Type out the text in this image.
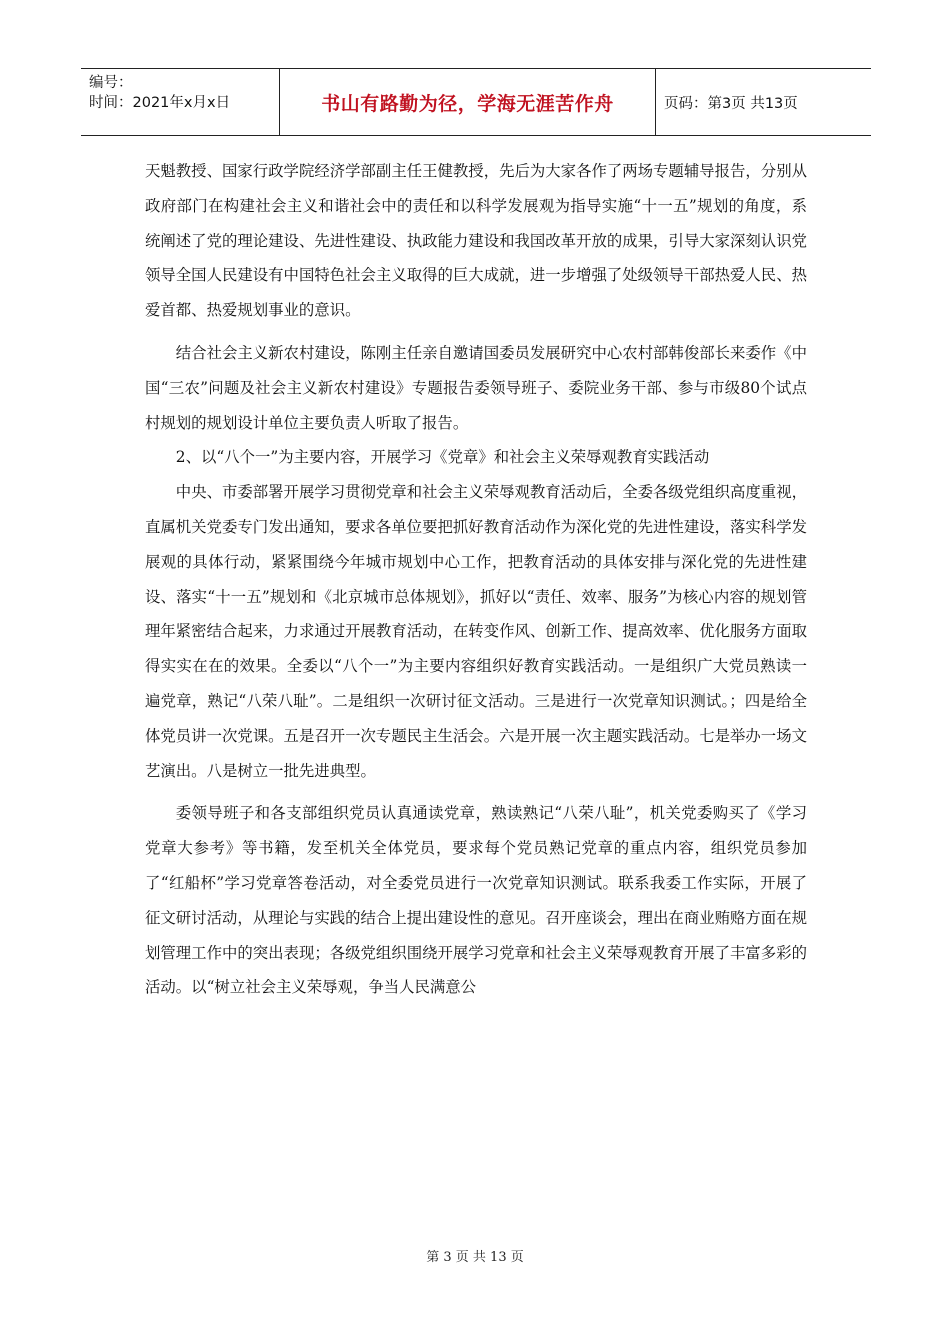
编号：
时间：2021年x月x日	书山有路勤为径，学海无涯苦作舟	页码：第3页 共13页

天魁教授、国家行政学院经济学部副主任王健教授，先后为大家各作了两场专题辅导报告，分别从政府部门在构建社会主义和谐社会中的责任和以科学发展观为指导实施“十一五”规划的角度，系统阐述了党的理论建设、先进性建设、执政能力建设和我国改革开放的成果，引导大家深刻认识党领导全国人民建设有中国特色社会主义取得的巨大成就，进一步增强了处级领导干部热爱人民、热爱首都、热爱规划事业的意识。

结合社会主义新农村建设，陈刚主任亲自邀请国委员发展研究中心农村部韩俊部长来委作《中国“三农”问题及社会主义新农村建设》专题报告委领导班子、委院业务干部、参与市级80个试点村规划的规划设计单位主要负责人听取了报告。

2、以“八个一”为主要内容，开展学习《党章》和社会主义荣辱观教育实践活动

中央、市委部署开展学习贯彻党章和社会主义荣辱观教育活动后，全委各级党组织高度重视，直属机关党委专门发出通知，要求各单位要把抓好教育活动作为深化党的先进性建设，落实科学发展观的具体行动，紧紧围绕今年城市规划中心工作，把教育活动的具体安排与深化党的先进性建设、落实“十一五”规划和《北京城市总体规划》，抓好以“责任、效率、服务”为核心内容的规划管理年紧密结合起来，力求通过开展教育活动，在转变作风、创新工作、提高效率、优化服务方面取得实实在在的效果。全委以“八个一”为主要内容组织好教育实践活动。一是组织广大党员熟读一遍党章，熟记“八荣八耻”。二是组织一次研讨征文活动。三是进行一次党章知识测试。；四是给全体党员讲一次党课。五是召开一次专题民主生活会。六是开展一次主题实践活动。七是举办一场文艺演出。八是树立一批先进典型。

委领导班子和各支部组织党员认真通读党章，熟读熟记“八荣八耻”，机关党委购买了《学习党章大参考》等书籍，发至机关全体党员，要求每个党员熟记党章的重点内容，组织党员参加了“红船杯”学习党章答卷活动，对全委党员进行一次党章知识测试。联系我委工作实际，开展了征文研讨活动，从理论与实践的结合上提出建设性的意见。召开座谈会，理出在商业贿赂方面在规划管理工作中的突出表现；各级党组织围绕开展学习党章和社会主义荣辱观教育开展了丰富多彩的活动。以“树立社会主义荣辱观，争当人民满意公

第 3 页 共 13 页
